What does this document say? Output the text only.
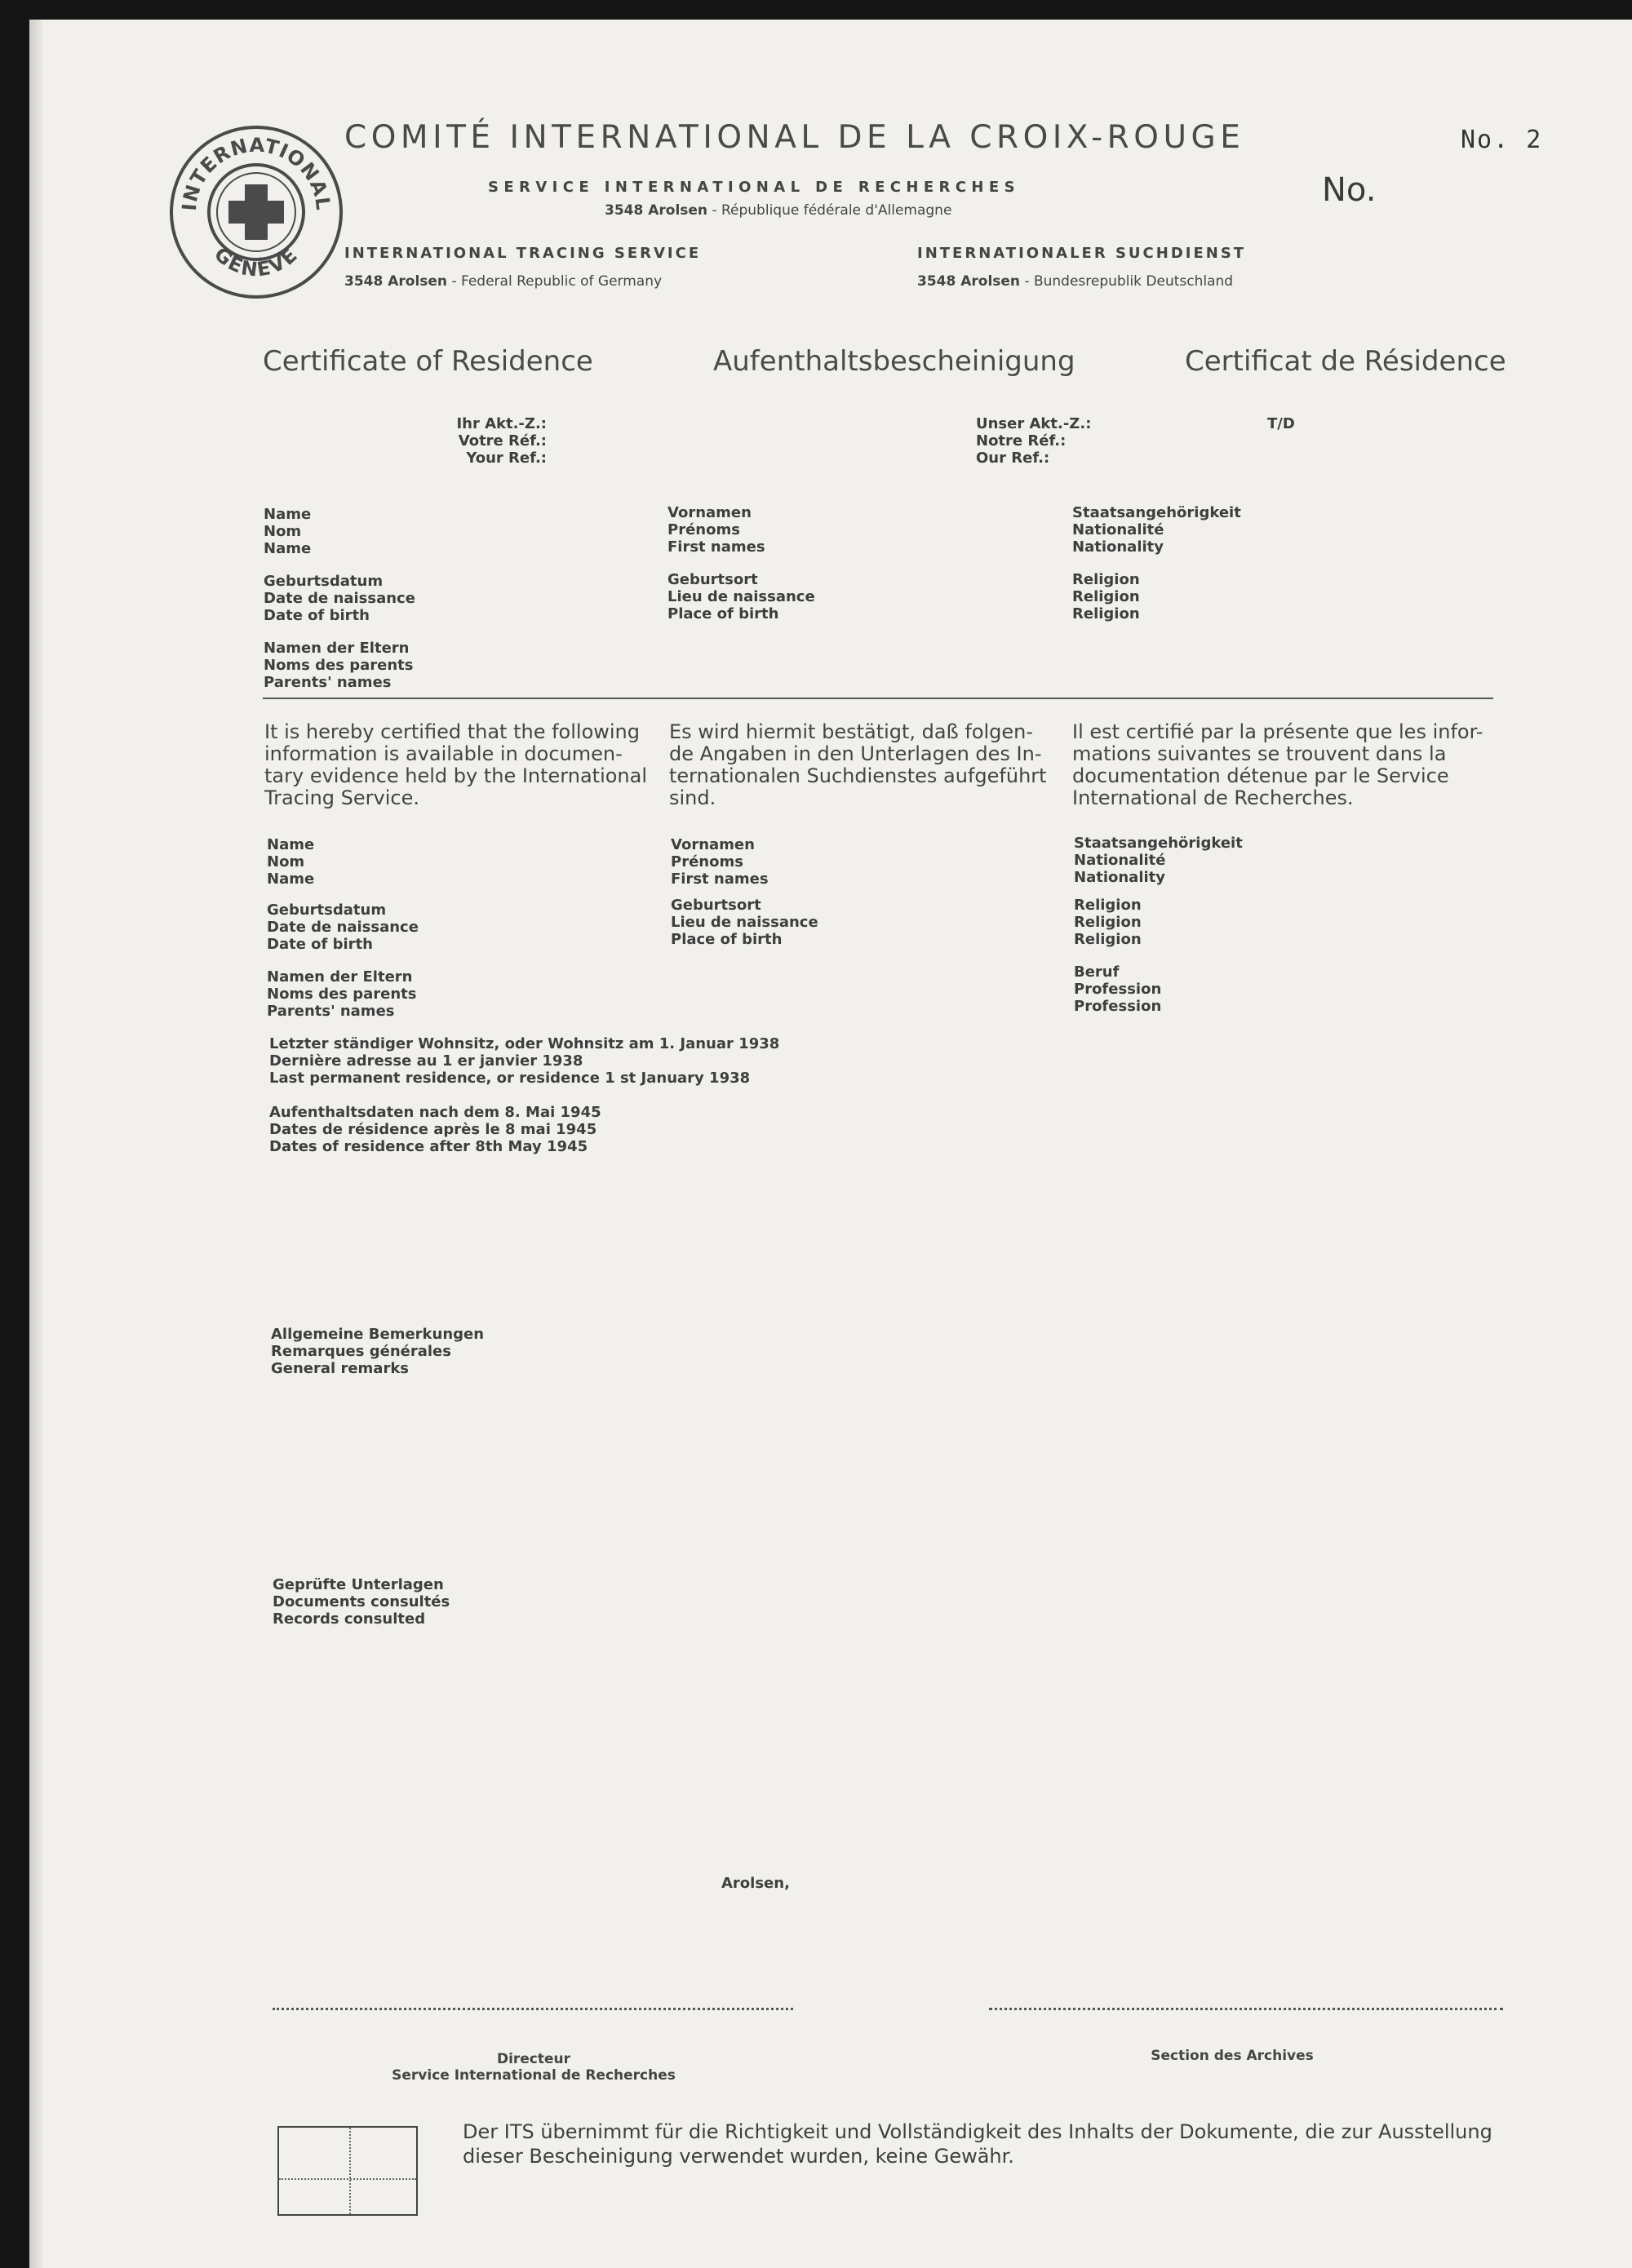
INTERNATIONAL
GENÈVE
COMITÉ INTERNATIONAL DE LA CROIX-ROUGE
SERVICE INTERNATIONAL DE RECHERCHES
3548 Arolsen - République fédérale d'Allemagne
INTERNATIONAL TRACING SERVICE
3548 Arolsen - Federal Republic of Germany
INTERNATIONALER SUCHDIENST
3548 Arolsen - Bundesrepublik Deutschland
No. 2
No.
Certificate of Residence	Aufenthaltsbescheinigung	Certificat de Résidence
Ihr Akt.-Z.:
Votre Réf.:
Your Ref.:
Unser Akt.-Z.:
Notre Réf.:
Our Ref.:
T/D
Name
Nom
Name
Vornamen
Prénoms
First names
Staatsangehörigkeit
Nationalité
Nationality
Geburtsdatum
Date de naissance
Date of birth
Geburtsort
Lieu de naissance
Place of birth
Religion
Religion
Religion
Namen der Eltern
Noms des parents
Parents' names
It is hereby certified that the following
information is available in documen-
tary evidence held by the International
Tracing Service.
Es wird hiermit bestätigt, daß folgen-
de Angaben in den Unterlagen des In-
ternationalen Suchdienstes aufgeführt
sind.
Il est certifié par la présente que les infor-
mations suivantes se trouvent dans la
documentation détenue par le Service
International de Recherches.
Name
Nom
Name
Vornamen
Prénoms
First names
Staatsangehörigkeit
Nationalité
Nationality
Geburtsdatum
Date de naissance
Date of birth
Geburtsort
Lieu de naissance
Place of birth
Religion
Religion
Religion
Namen der Eltern
Noms des parents
Parents' names
Beruf
Profession
Profession
Letzter ständiger Wohnsitz, oder Wohnsitz am 1. Januar 1938
Dernière adresse au 1 er janvier 1938
Last permanent residence, or residence 1 st January 1938
Aufenthaltsdaten nach dem 8. Mai 1945
Dates de résidence après le 8 mai 1945
Dates of residence after 8th May 1945
Allgemeine Bemerkungen
Remarques générales
General remarks
Geprüfte Unterlagen
Documents consultés
Records consulted
Arolsen,
Directeur
Service International de Recherches
Section des Archives
Der ITS übernimmt für die Richtigkeit und Vollständigkeit des Inhalts der Dokumente, die zur Ausstellung
dieser Bescheinigung verwendet wurden, keine Gewähr.
